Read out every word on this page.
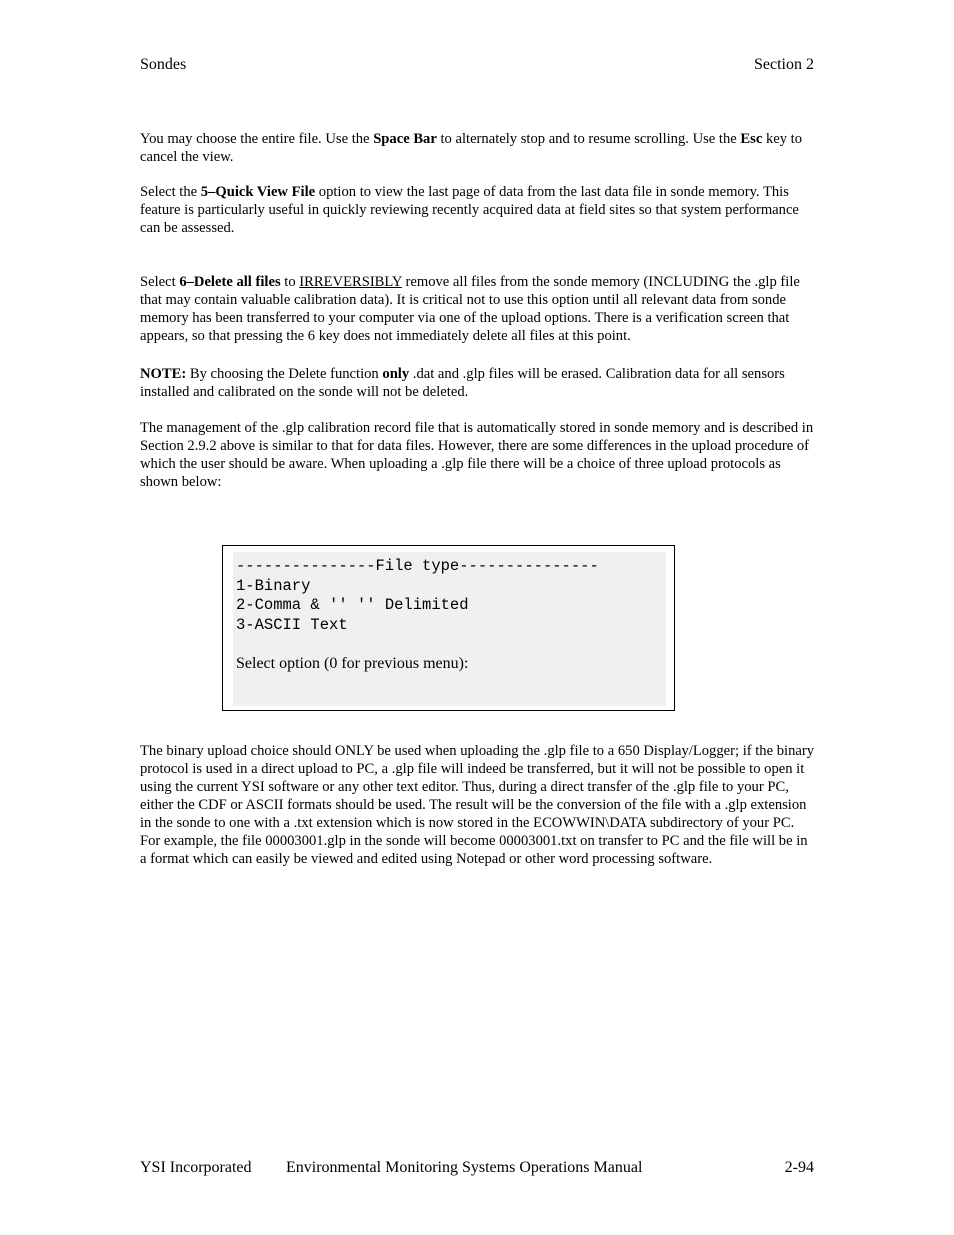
Sondes	Section 2

You may choose the entire file. Use the Space Bar to alternately stop and to resume scrolling. Use the Esc key to cancel the view.

Select the 5–Quick View File option to view the last page of data from the last data file in sonde memory. This feature is particularly useful in quickly reviewing recently acquired data at field sites so that system performance can be assessed.

Select 6–Delete all files to IRREVERSIBLY remove all files from the sonde memory (INCLUDING the .glp file that may contain valuable calibration data). It is critical not to use this option until all relevant data from sonde memory has been transferred to your computer via one of the upload options. There is a verification screen that appears, so that pressing the 6 key does not immediately delete all files at this point.

NOTE: By choosing the Delete function only .dat and .glp files will be erased. Calibration data for all sensors installed and calibrated on the sonde will not be deleted.

The management of the .glp calibration record file that is automatically stored in sonde memory and is described in Section 2.9.2 above is similar to that for data files. However, there are some differences in the upload procedure of which the user should be aware. When uploading a .glp file there will be a choice of three upload protocols as shown below:

---------------File type---------------
1-Binary
2-Comma & '' '' Delimited
3-ASCII Text
Select option (0 for previous menu):

The binary upload choice should ONLY be used when uploading the .glp file to a 650 Display/Logger; if the binary protocol is used in a direct upload to PC, a .glp file will indeed be transferred, but it will not be possible to open it using the current YSI software or any other text editor. Thus, during a direct transfer of the .glp file to your PC, either the CDF or ASCII formats should be used. The result will be the conversion of the file with a .glp extension in the sonde to one with a .txt extension which is now stored in the ECOWWIN\DATA subdirectory of your PC. For example, the file 00003001.glp in the sonde will become 00003001.txt on transfer to PC and the file will be in a format which can easily be viewed and edited using Notepad or other word processing software.

YSI Incorporated Environmental Monitoring Systems Operations Manual	2-94
